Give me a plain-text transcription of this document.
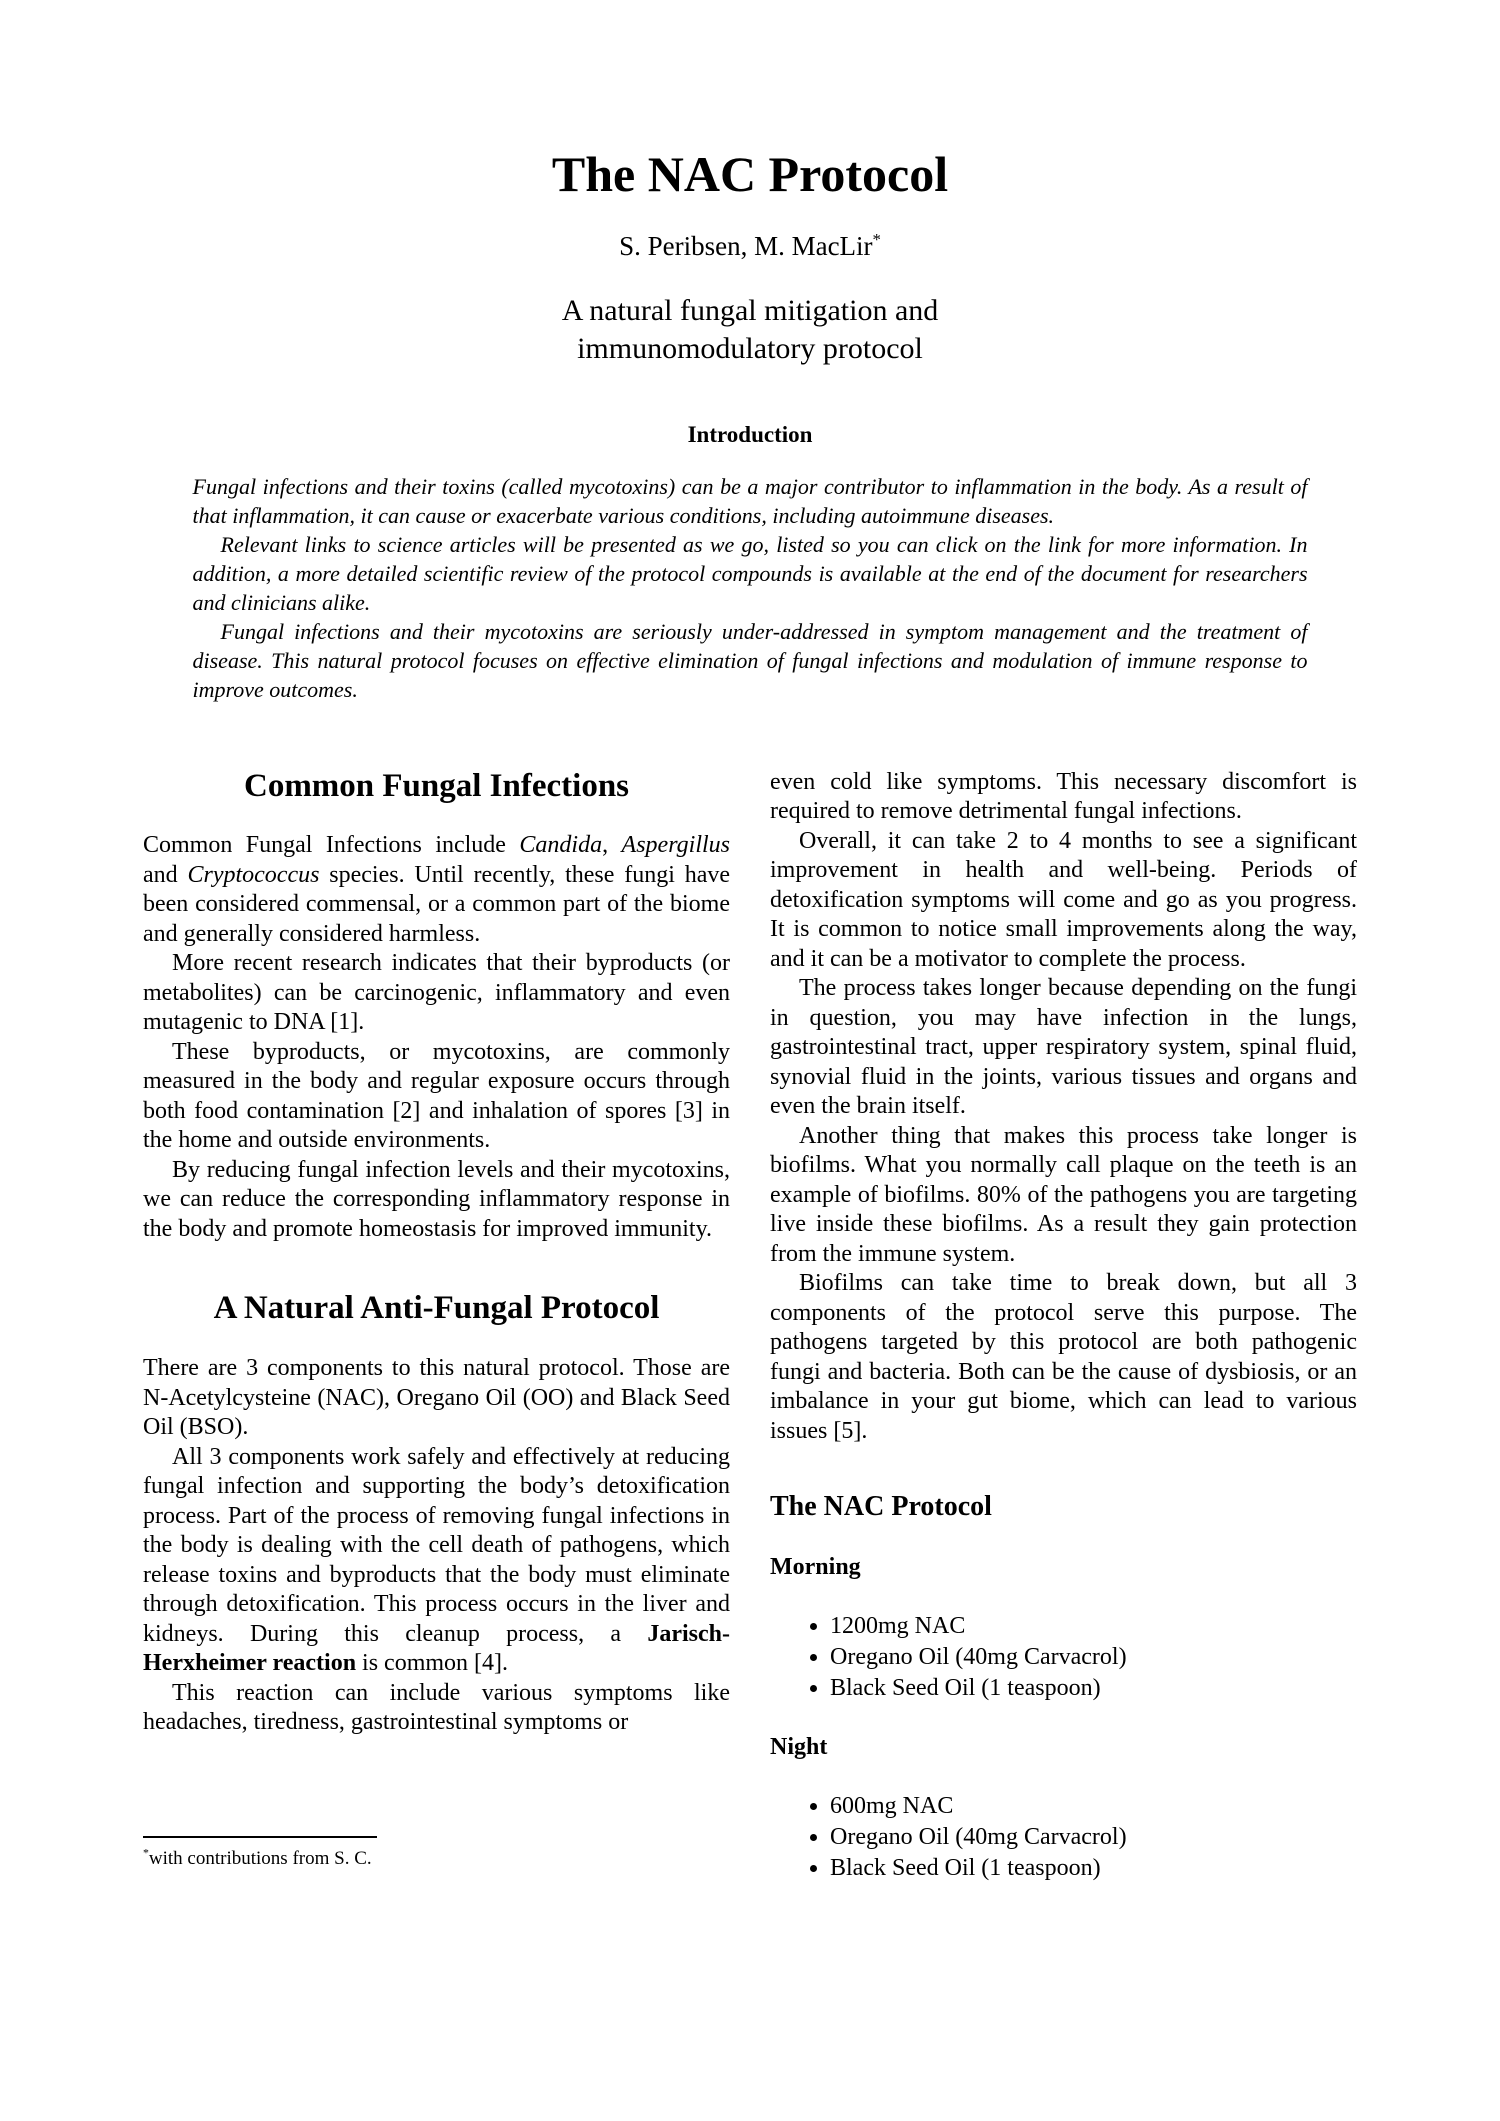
The NAC Protocol
S. Peribsen, M. MacLir*
A natural fungal mitigation and
immunomodulatory protocol
Introduction

Fungal infections and their toxins (called mycotoxins) can be a major contributor to inflammation in the body. As a result of that inflammation, it can cause or exacerbate various conditions, including autoimmune diseases.

Relevant links to science articles will be presented as we go, listed so you can click on the link for more information. In addition, a more detailed scientific review of the protocol compounds is available at the end of the document for researchers and clinicians alike.

Fungal infections and their mycotoxins are seriously under-addressed in symptom management and the treatment of disease. This natural protocol focuses on effective elimination of fungal infections and modulation of immune response to improve outcomes.

Common Fungal Infections

Common Fungal Infections include Candida, Aspergillus and Cryptococcus species. Until recently, these fungi have been considered commensal, or a common part of the biome and generally considered harmless.

More recent research indicates that their byproducts (or metabolites) can be carcinogenic, inflammatory and even mutagenic to DNA [1].

These byproducts, or mycotoxins, are commonly measured in the body and regular exposure occurs through both food contamination [2] and inhalation of spores [3] in the home and outside environments.

By reducing fungal infection levels and their mycotoxins, we can reduce the corresponding inflammatory response in the body and promote homeostasis for improved immunity.

A Natural Anti-Fungal Protocol

There are 3 components to this natural protocol. Those are N-Acetylcysteine (NAC), Oregano Oil (OO) and Black Seed Oil (BSO).

All 3 components work safely and effectively at reducing fungal infection and supporting the body’s detoxification process. Part of the process of removing fungal infections in the body is dealing with the cell death of pathogens, which release toxins and byproducts that the body must eliminate through detoxification. This process occurs in the liver and kidneys. During this cleanup process, a Jarisch-Herxheimer reaction is common [4].

This reaction can include various symptoms like headaches, tiredness, gastrointestinal symptoms or

*with contributions from S. C.

even cold like symptoms. This necessary discomfort is required to remove detrimental fungal infections.

Overall, it can take 2 to 4 months to see a significant improvement in health and well-being. Periods of detoxification symptoms will come and go as you progress. It is common to notice small improvements along the way, and it can be a motivator to complete the process.

The process takes longer because depending on the fungi in question, you may have infection in the lungs, gastrointestinal tract, upper respiratory system, spinal fluid, synovial fluid in the joints, various tissues and organs and even the brain itself.

Another thing that makes this process take longer is biofilms. What you normally call plaque on the teeth is an example of biofilms. 80% of the pathogens you are targeting live inside these biofilms. As a result they gain protection from the immune system.

Biofilms can take time to break down, but all 3 components of the protocol serve this purpose. The pathogens targeted by this protocol are both pathogenic fungi and bacteria. Both can be the cause of dysbiosis, or an imbalance in your gut biome, which can lead to various issues [5].

The NAC Protocol
Morning
• 1200mg NAC
• Oregano Oil (40mg Carvacrol)
• Black Seed Oil (1 teaspoon)
Night
• 600mg NAC
• Oregano Oil (40mg Carvacrol)
• Black Seed Oil (1 teaspoon)
